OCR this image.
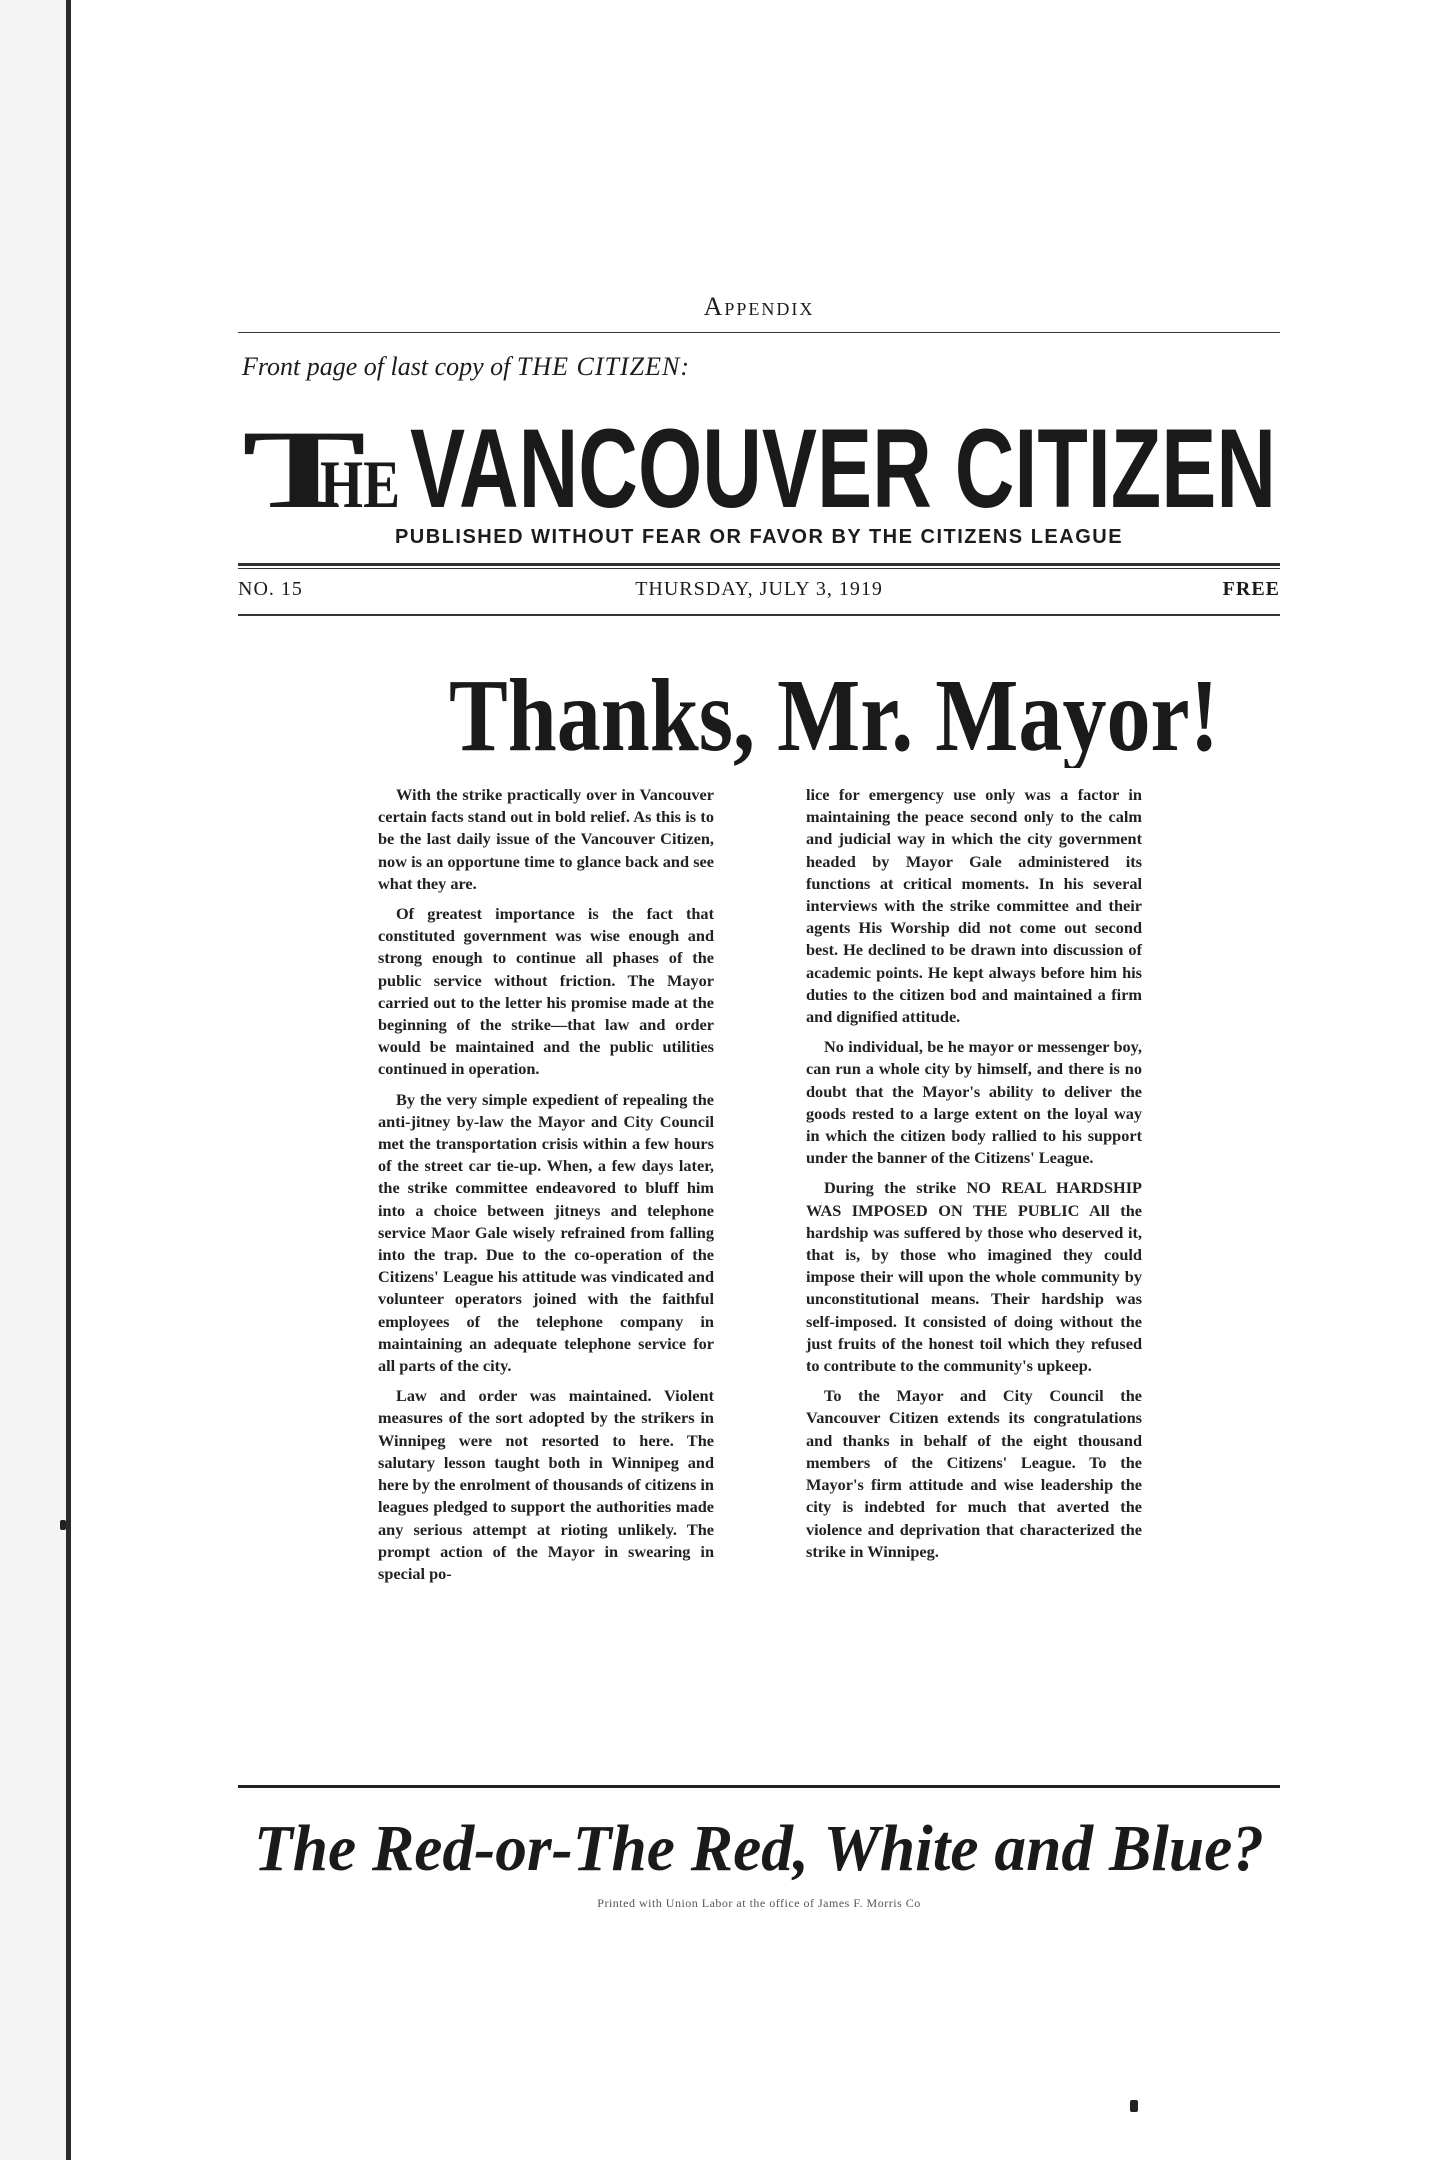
Appendix
Front page of last copy of THE CITIZEN:
T
HE VANCOUVER CITIZEN
PUBLISHED WITHOUT FEAR OR FAVOR BY THE CITIZENS LEAGUE
NO. 15	THURSDAY, JULY 3, 1919	FREE
Thanks, Mr. Mayor!

With the strike practically over in Vancouver certain facts stand out in bold relief. As this is to be the last daily issue of the Vancouver Citizen, now is an opportune time to glance back and see what they are.

Of greatest importance is the fact that constituted government was wise enough and strong enough to continue all phases of the public service without friction. The Mayor carried out to the letter his promise made at the beginning of the strike—that law and order would be maintained and the public utilities continued in operation.

By the very simple expedient of repealing the anti-jitney by-law the Mayor and City Council met the transportation crisis within a few hours of the street car tie-up. When, a few days later, the strike committee endeavored to bluff him into a choice between jitneys and telephone service Maor Gale wisely refrained from falling into the trap. Due to the co-operation of the Citizens' League his attitude was vindicated and volunteer operators joined with the faithful employees of the telephone company in maintaining an adequate telephone service for all parts of the city.

Law and order was maintained. Violent measures of the sort adopted by the strikers in Winnipeg were not resorted to here. The salutary lesson taught both in Winnipeg and here by the enrolment of thousands of citizens in leagues pledged to support the authorities made any serious attempt at rioting unlikely. The prompt action of the Mayor in swearing in special po-

lice for emergency use only was a factor in maintaining the peace second only to the calm and judicial way in which the city government headed by Mayor Gale administered its functions at critical moments. In his several interviews with the strike committee and their agents His Worship did not come out second best. He declined to be drawn into discussion of academic points. He kept always before him his duties to the citizen bod and maintained a firm and dignified attitude.

No individual, be he mayor or messenger boy, can run a whole city by himself, and there is no doubt that the Mayor's ability to deliver the goods rested to a large extent on the loyal way in which the citizen body rallied to his support under the banner of the Citizens' League.

During the strike NO REAL HARDSHIP WAS IMPOSED ON THE PUBLIC All the hardship was suffered by those who deserved it, that is, by those who imagined they could impose their will upon the whole community by unconstitutional means. Their hardship was self-imposed. It consisted of doing without the just fruits of the honest toil which they refused to contribute to the community's upkeep.

To the Mayor and City Council the Vancouver Citizen extends its congratulations and thanks in behalf of the eight thousand members of the Citizens' League. To the Mayor's firm attitude and wise leadership the city is indebted for much that averted the violence and deprivation that characterized the strike in Winnipeg.

The Red-or-The Red, White and Blue?
Printed with Union Labor at the office of James F. Morris Co
